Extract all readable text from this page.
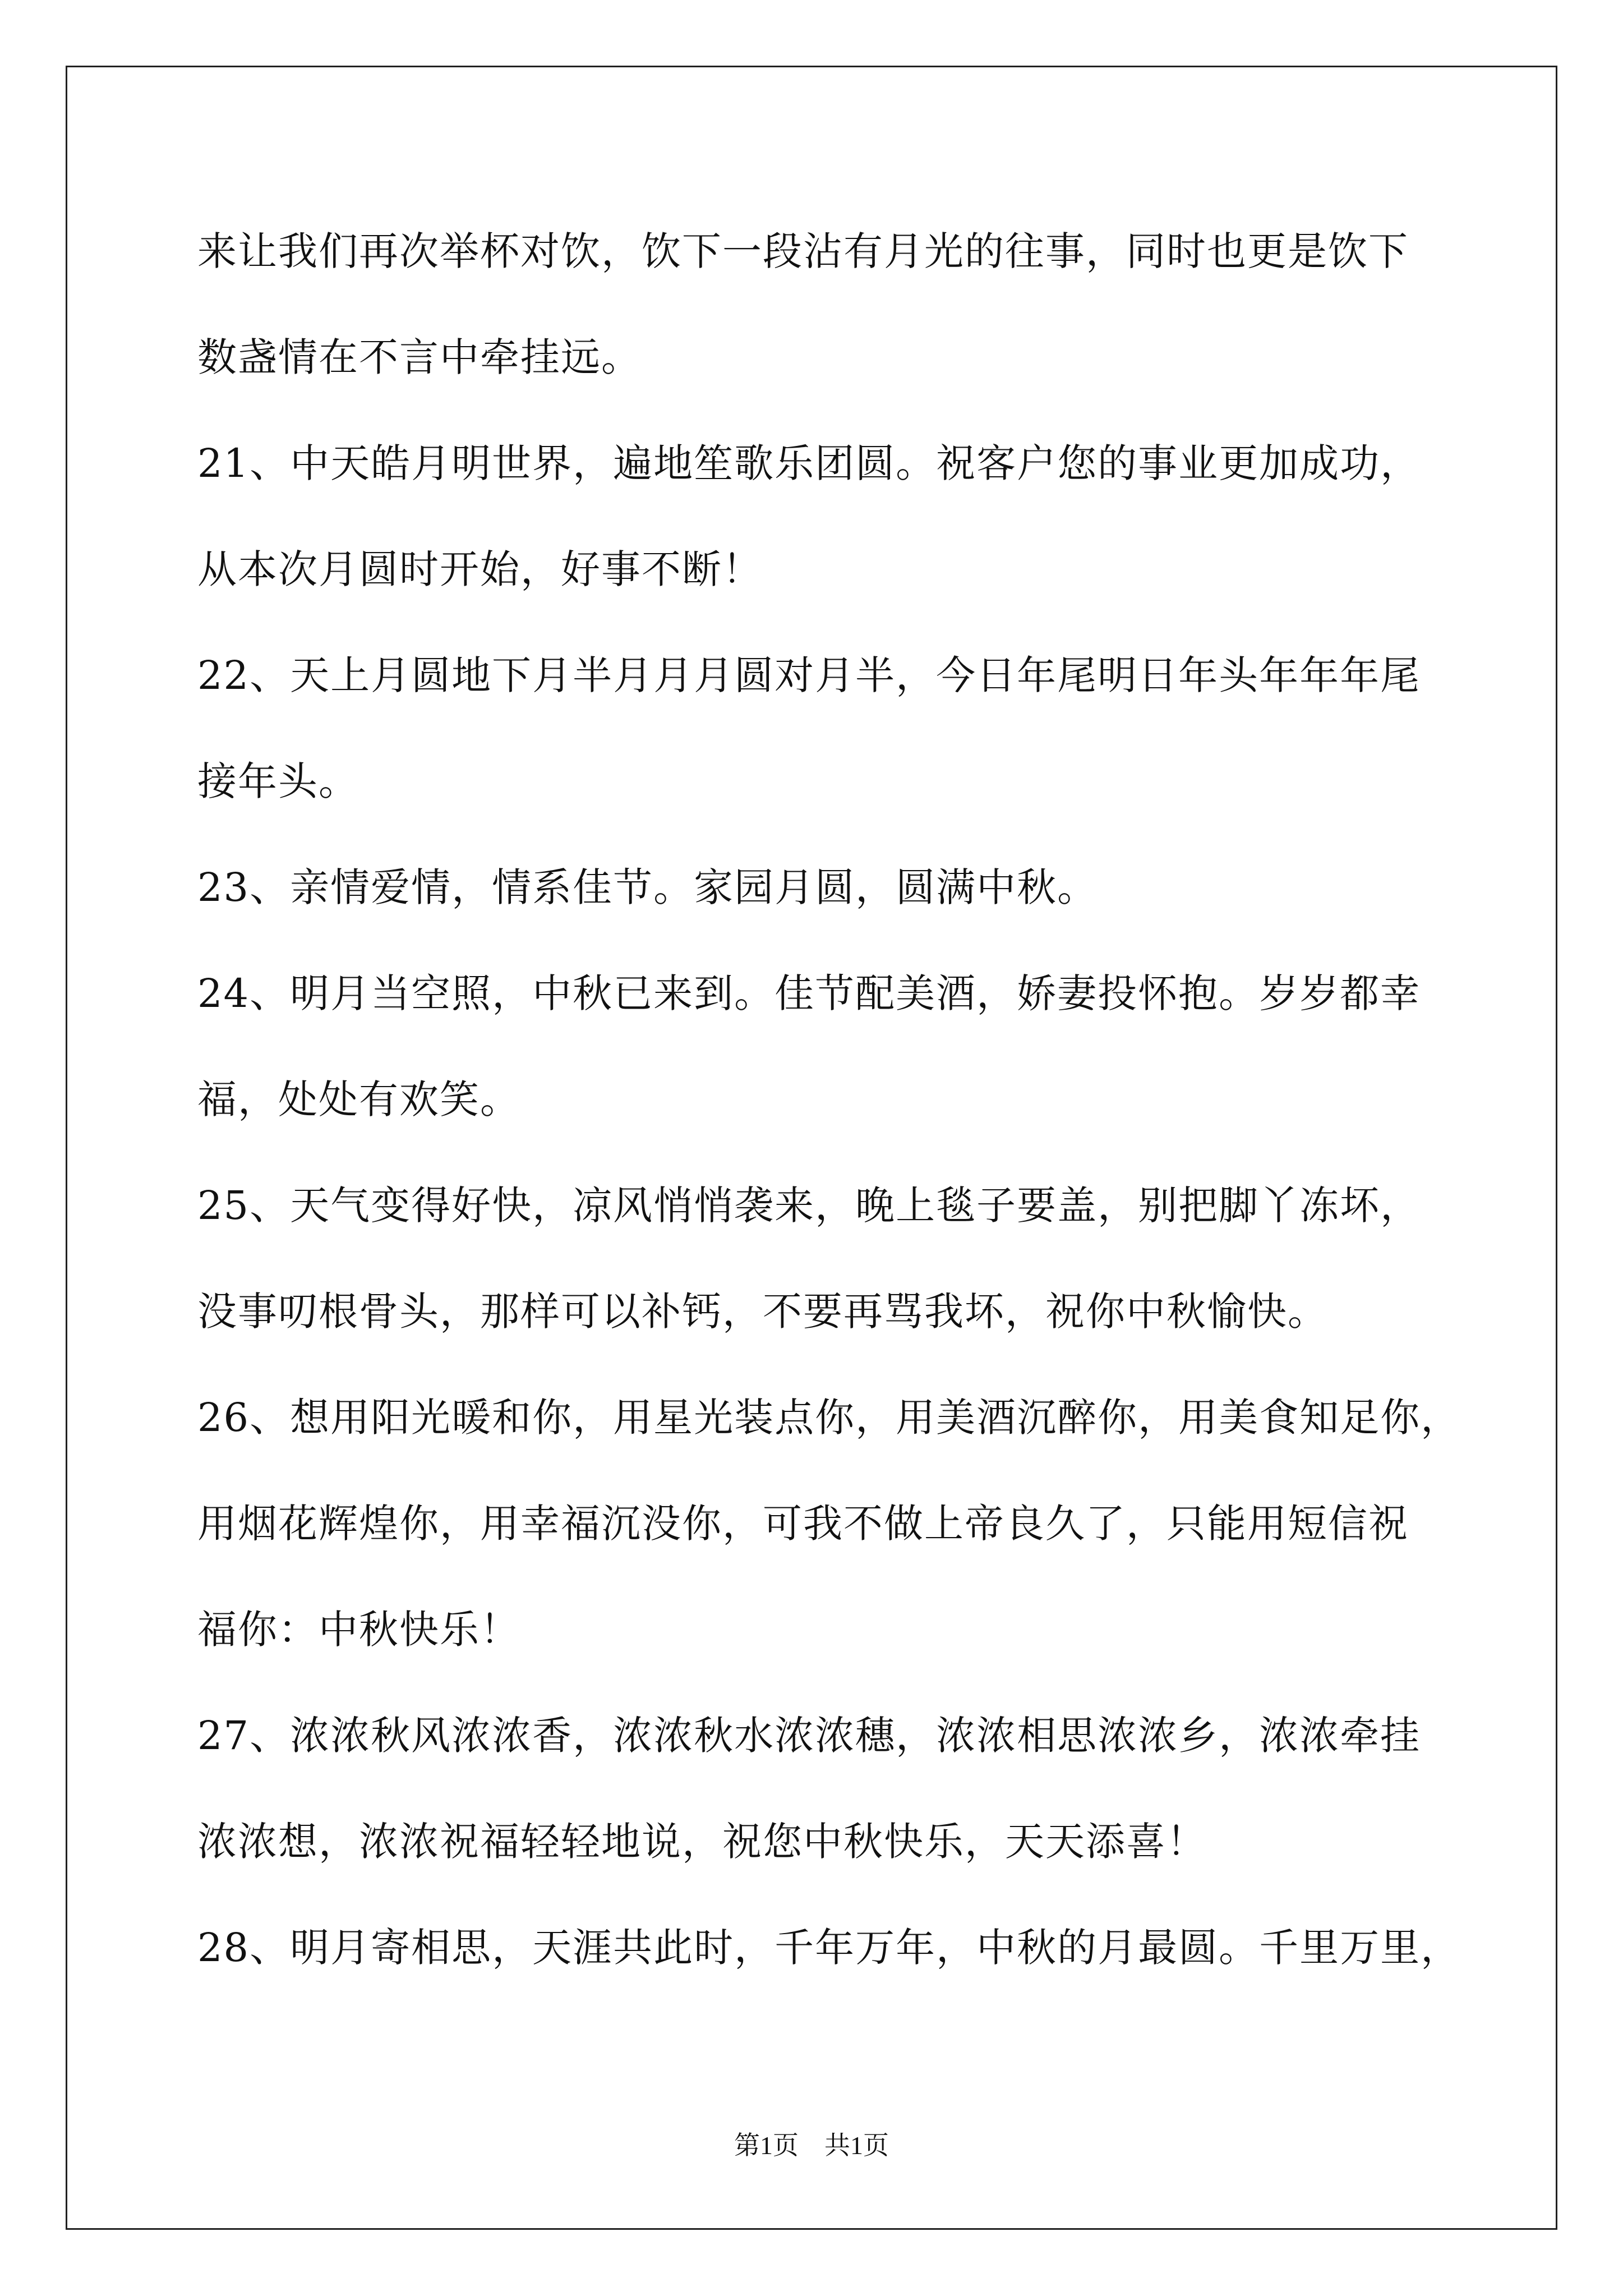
来让我们再次举杯对饮，饮下一段沾有月光的往事，同时也更是饮下
数盏情在不言中牵挂远。
21、中天皓月明世界，遍地笙歌乐团圆。祝客户您的事业更加成功，
从本次月圆时开始，好事不断！
22、天上月圆地下月半月月月圆对月半，今日年尾明日年头年年年尾
接年头。
23、亲情爱情，情系佳节。家园月圆，圆满中秋。
24、明月当空照，中秋已来到。佳节配美酒，娇妻投怀抱。岁岁都幸
福，处处有欢笑。
25、天气变得好快，凉风悄悄袭来，晚上毯子要盖，别把脚丫冻坏，
没事叨根骨头，那样可以补钙，不要再骂我坏，祝你中秋愉快。
26、想用阳光暖和你，用星光装点你，用美酒沉醉你，用美食知足你，
用烟花辉煌你，用幸福沉没你，可我不做上帝良久了，只能用短信祝
福你：中秋快乐！
27、浓浓秋风浓浓香，浓浓秋水浓浓穗，浓浓相思浓浓乡，浓浓牵挂
浓浓想，浓浓祝福轻轻地说，祝您中秋快乐，天天添喜！
28、明月寄相思，天涯共此时，千年万年，中秋的月最圆。千里万里，
第1页 共1页
